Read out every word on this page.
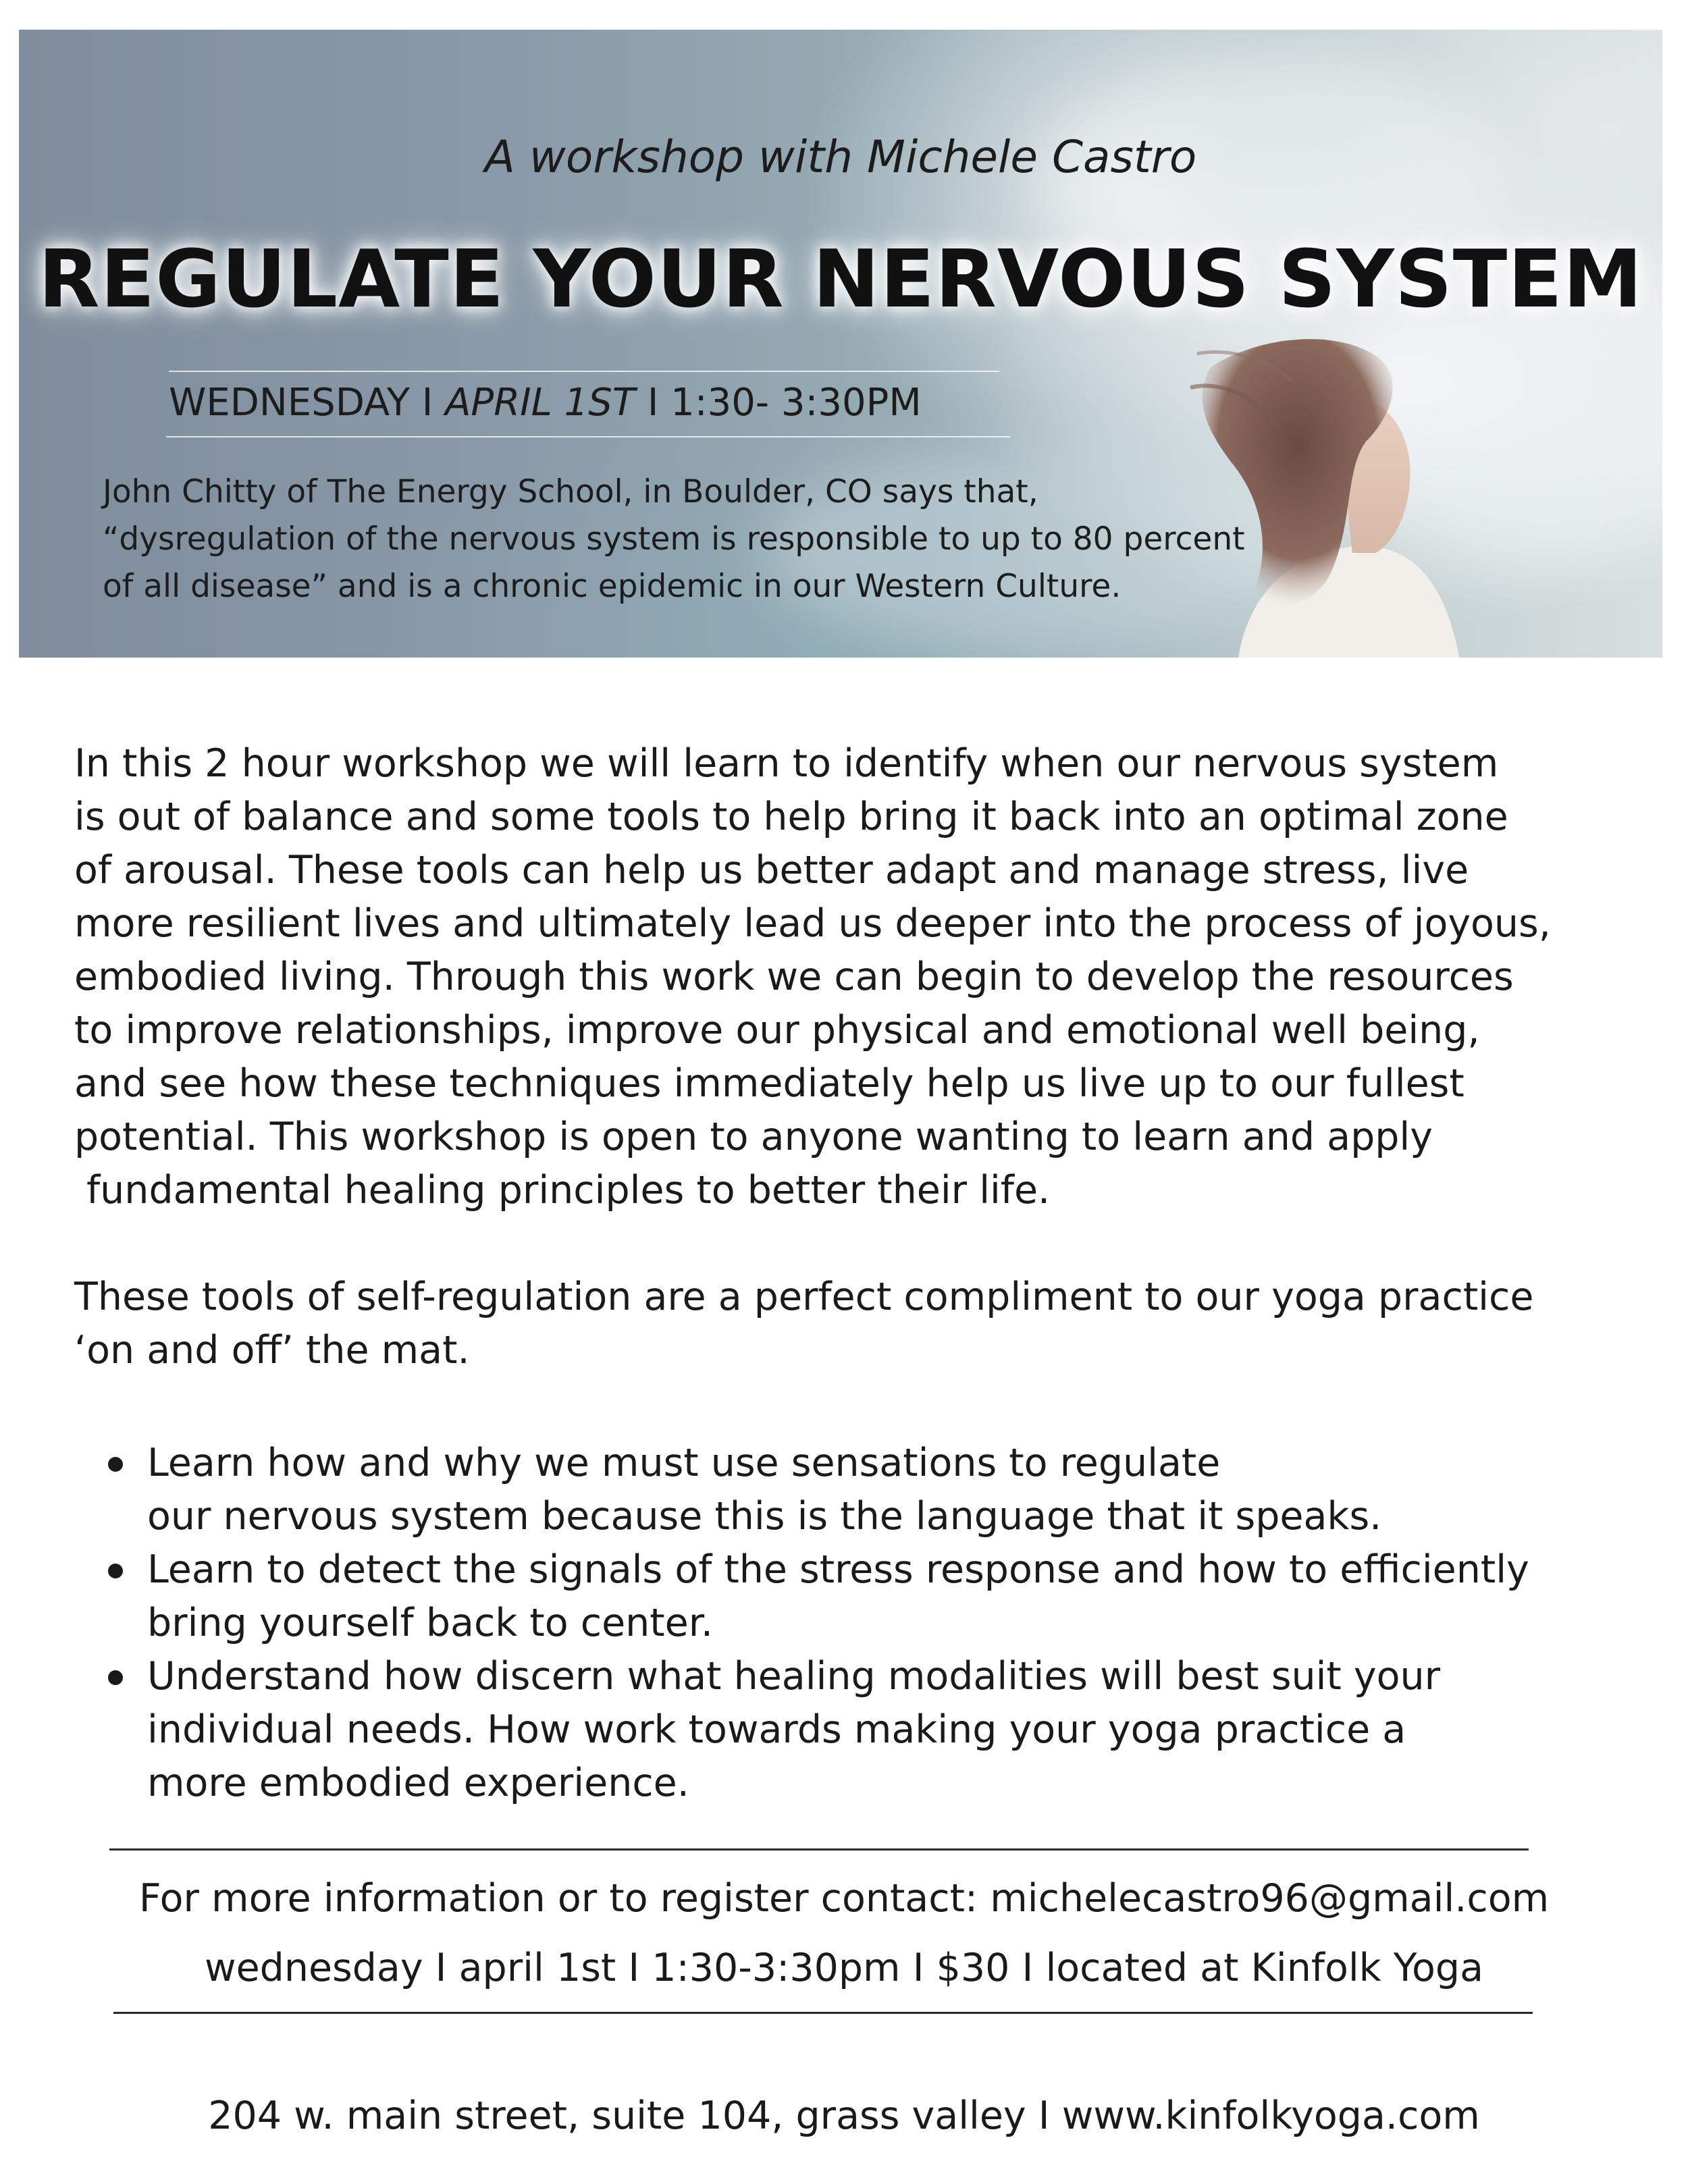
A workshop with Michele Castro
REGULATE YOUR NERVOUS SYSTEM
WEDNESDAY I APRIL 1ST I 1:30- 3:30PM
John Chitty of The Energy School, in Boulder, CO says that, “dysregulation of the nervous system is responsible to up to 80 percent of all disease” and is a chronic epidemic in our Western Culture.
In this 2 hour workshop we will learn to identify when our nervous system
is out of balance and some tools to help bring it back into an optimal zone
of arousal. These tools can help us better adapt and manage stress, live
more resilient lives and ultimately lead us deeper into the process of joyous,
embodied living. Through this work we can begin to develop the resources
to improve relationships, improve our physical and emotional well being,
and see how these techniques immediately help us live up to our fullest
potential. This workshop is open to anyone wanting to learn and apply
fundamental healing principles to better their life.
These tools of self-regulation are a perfect compliment to our yoga practice
‘on and off’ the mat.
Learn how and why we must use sensations to regulate
our nervous system because this is the language that it speaks.
Learn to detect the signals of the stress response and how to efficiently
bring yourself back to center.
Understand how discern what healing modalities will best suit your
individual needs. How work towards making your yoga practice a
more embodied experience.
For more information or to register contact: michelecastro96@gmail.com
wednesday I april 1st I 1:30-3:30pm I $30 I located at Kinfolk Yoga
204 w. main street, suite 104, grass valley I www.kinfolkyoga.com
